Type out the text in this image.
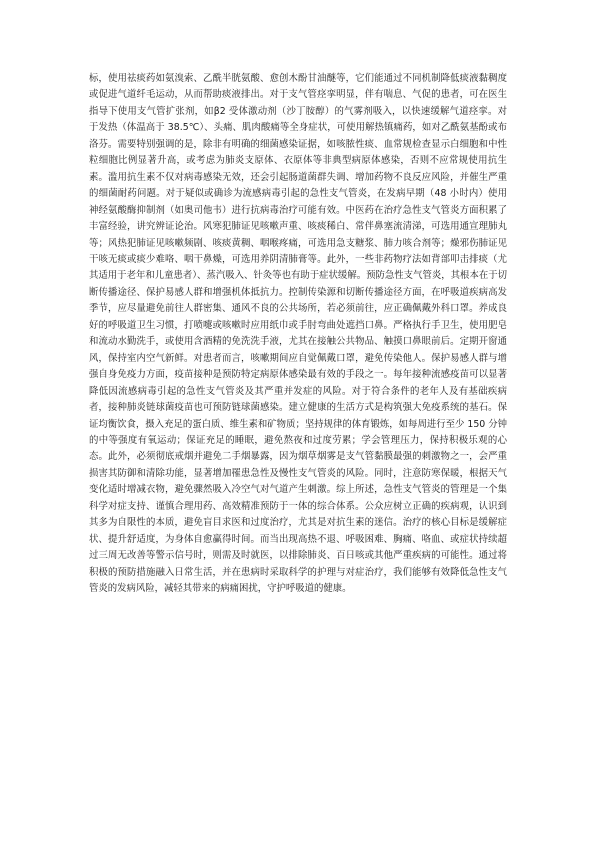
标，使用祛痰药如氨溴索、乙酰半胱氨酸、愈创木酚甘油醚等，它们能通过不同机制降低痰液黏稠度或促进气道纤毛运动，从而帮助痰液排出。对于支气管痉挛明显，伴有喘息、气促的患者，可在医生指导下使用支气管扩张剂，如β2 受体激动剂（沙丁胺醇）的气雾剂吸入，以快速缓解气道痉挛。对于发热（体温高于 38.5℃）、头痛、肌肉酸痛等全身症状，可使用解热镇痛药，如对乙酰氨基酚或布洛芬。需要特别强调的是，除非有明确的细菌感染证据，如咳脓性痰、血常规检查显示白细胞和中性粒细胞比例显著升高，或考虑为肺炎支原体、衣原体等非典型病原体感染，否则不应常规使用抗生素。滥用抗生素不仅对病毒感染无效，还会引起肠道菌群失调、增加药物不良反应风险，并催生严重的细菌耐药问题。对于疑似或确诊为流感病毒引起的急性支气管炎，在发病早期（48 小时内）使用神经氨酸酶抑制剂（如奥司他韦）进行抗病毒治疗可能有效。中医药在治疗急性支气管炎方面积累了丰富经验，讲究辨证论治。风寒犯肺证见咳嗽声重、咳痰稀白、常伴鼻塞流清涕，可选用通宣理肺丸等；风热犯肺证见咳嗽频剧、咳痰黄稠、咽喉疼痛，可选用急支糖浆、肺力咳合剂等；燥邪伤肺证见干咳无痰或痰少难咯、咽干鼻燥，可选用养阴清肺膏等。此外，一些非药物疗法如背部叩击排痰（尤其适用于老年和儿童患者）、蒸汽吸入、针灸等也有助于症状缓解。预防急性支气管炎，其根本在于切断传播途径、保护易感人群和增强机体抵抗力。控制传染源和切断传播途径方面，在呼吸道疾病高发季节，应尽量避免前往人群密集、通风不良的公共场所，若必须前往，应正确佩戴外科口罩。养成良好的呼吸道卫生习惯，打喷嚏或咳嗽时应用纸巾或手肘弯曲处遮挡口鼻。严格执行手卫生，使用肥皂和流动水勤洗手，或使用含酒精的免洗洗手液，尤其在接触公共物品、触摸口鼻眼前后。定期开窗通风，保持室内空气新鲜。对患者而言，咳嗽期间应自觉佩戴口罩，避免传染他人。保护易感人群与增强自身免疫力方面，疫苗接种是预防特定病原体感染最有效的手段之一。每年接种流感疫苗可以显著降低因流感病毒引起的急性支气管炎及其严重并发症的风险。对于符合条件的老年人及有基础疾病者，接种肺炎链球菌疫苗也可预防链球菌感染。建立健康的生活方式是构筑强大免疫系统的基石。保证均衡饮食，摄入充足的蛋白质、维生素和矿物质；坚持规律的体育锻炼，如每周进行至少 150 分钟的中等强度有氧运动；保证充足的睡眠，避免熬夜和过度劳累；学会管理压力，保持积极乐观的心态。此外，必须彻底戒烟并避免二手烟暴露，因为烟草烟雾是支气管黏膜最强的刺激物之一，会严重损害其防御和清除功能，显著增加罹患急性及慢性支气管炎的风险。同时，注意防寒保暖，根据天气变化适时增减衣物，避免骤然吸入冷空气对气道产生刺激。综上所述，急性支气管炎的管理是一个集科学对症支持、谨慎合理用药、高效精准预防于一体的综合体系。公众应树立正确的疾病观，认识到其多为自限性的本质，避免盲目求医和过度治疗，尤其是对抗生素的迷信。治疗的核心目标是缓解症状、提升舒适度，为身体自愈赢得时间。而当出现高热不退、呼吸困难、胸痛、咯血、或症状持续超过三周无改善等警示信号时，则需及时就医，以排除肺炎、百日咳或其他严重疾病的可能性。通过将积极的预防措施融入日常生活，并在患病时采取科学的护理与对症治疗，我们能够有效降低急性支气管炎的发病风险，减轻其带来的病痛困扰，守护呼吸道的健康。
